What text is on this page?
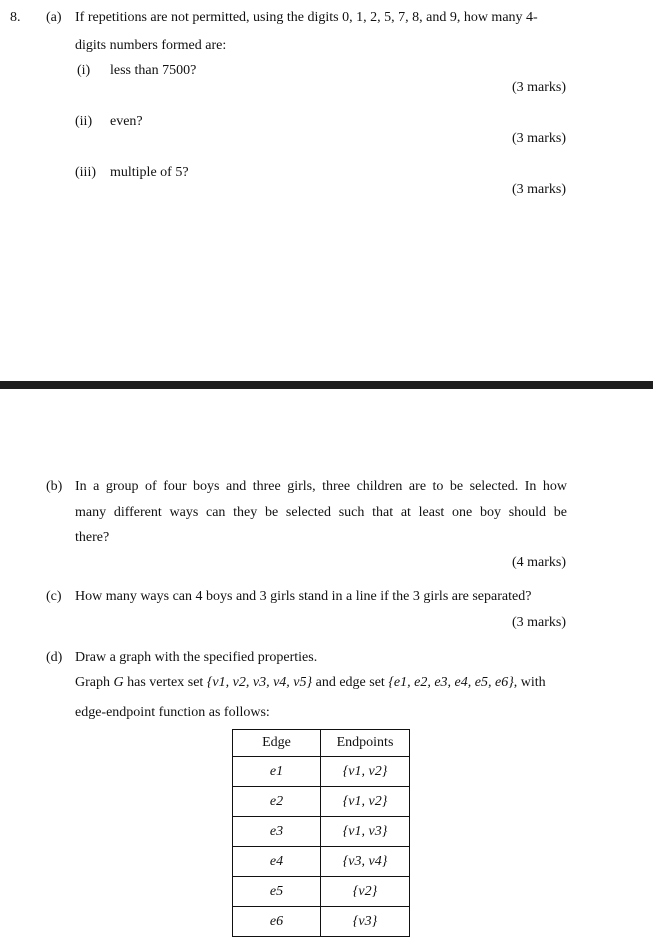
8. (a) If repetitions are not permitted, using the digits 0, 1, 2, 5, 7, 8, and 9, how many 4-
digits numbers formed are:
(i) less than 7500?
(3 marks)
(ii) even?
(3 marks)
(iii) multiple of 5?
(3 marks)
(b) In a group of four boys and three girls, three children are to be selected. In how
many different ways can they be selected such that at least one boy should be
there?
(4 marks)
(c) How many ways can 4 boys and 3 girls stand in a line if the 3 girls are separated?
(3 marks)
(d) Draw a graph with the specified properties.
Graph G has vertex set {v1, v2, v3, v4, v5} and edge set {e1, e2, e3, e4, e5, e6}, with
edge-endpoint function as follows:
Edge	Endpoints
e1	{v1, v2}
e2	{v1, v2}
e3	{v1, v3}
e4	{v3, v4}
e5	{v2}
e6	{v3}
